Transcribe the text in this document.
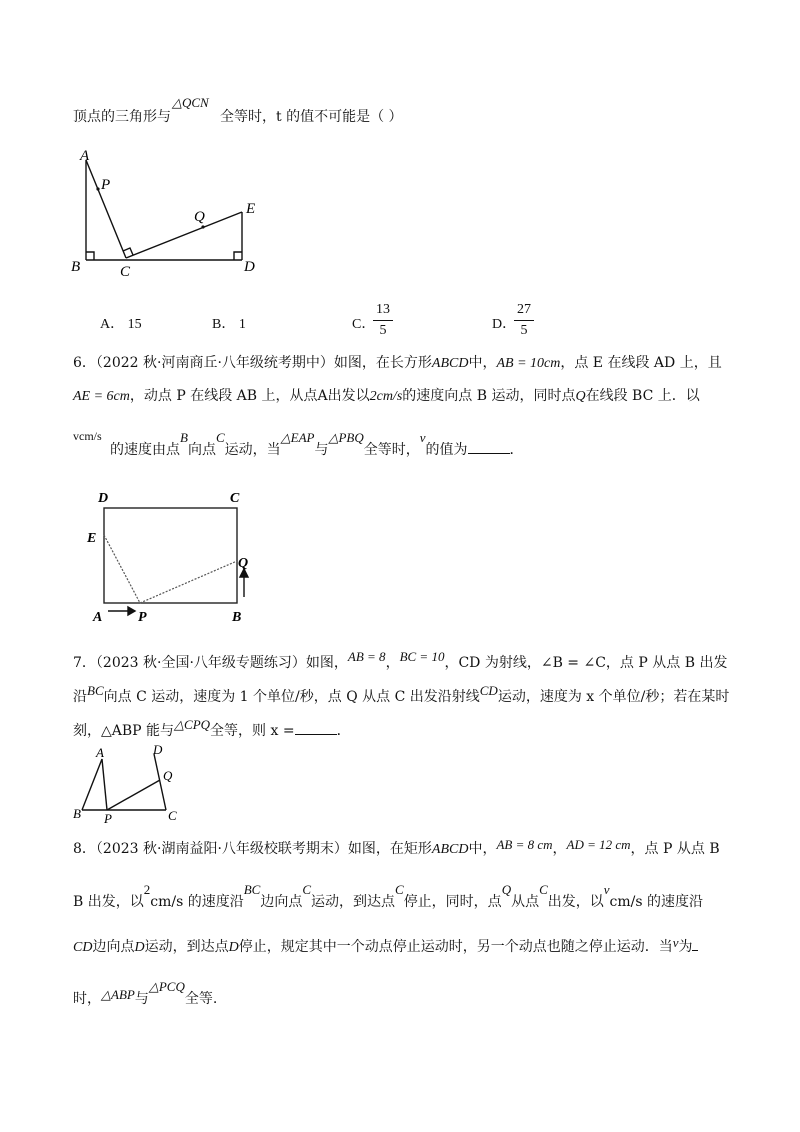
顶点的三角形与
△QCN
全等时，t 的值不可能是（ ）
A
P
Q	E
B	C	D
A． 15	B． 1	C．
13
5	D．
27
5
6．（2022 秋·河南商丘·八年级统考期中）如图，在长方形ABCD中，AB = 10cm，点 E 在线段 AD 上，且
AE = 6cm，动点 P 在线段 AB 上，从点A出发以2cm/s的速度向点 B 运动，同时点Q在线段 BC 上．以
vcm/s
的速度由点B向点C运动，当△EAP与△PBQ全等时，v的值为	．
D	C
E
Q
A	P	B
7．（2023 秋·全国·八年级专题练习）如图，AB = 8，BC = 10，CD 为射线，∠B = ∠C，点 P 从点 B 出发
沿BC向点 C 运动，速度为 1 个单位/秒，点 Q 从点 C 出发沿射线CD运动，速度为 x 个单位/秒；若在某时
刻，△ABP 能与△CPQ全等，则 x =	．
A	D
Q
B P	C
8．（2023 秋·湖南益阳·八年级校联考期末）如图，在矩形ABCD中，AB = 8 cm，AD = 12 cm，点 P 从点 B
B 出发，以2cm/s 的速度沿BC边向点C运动，到达点C停止，同时，点Q从点C出发，以vcm/s 的速度沿
CD边向点D运动，到达点D停止，规定其中一个动点停止运动时，另一个动点也随之停止运动．当v为
时，△ABP与△PCQ全等.
